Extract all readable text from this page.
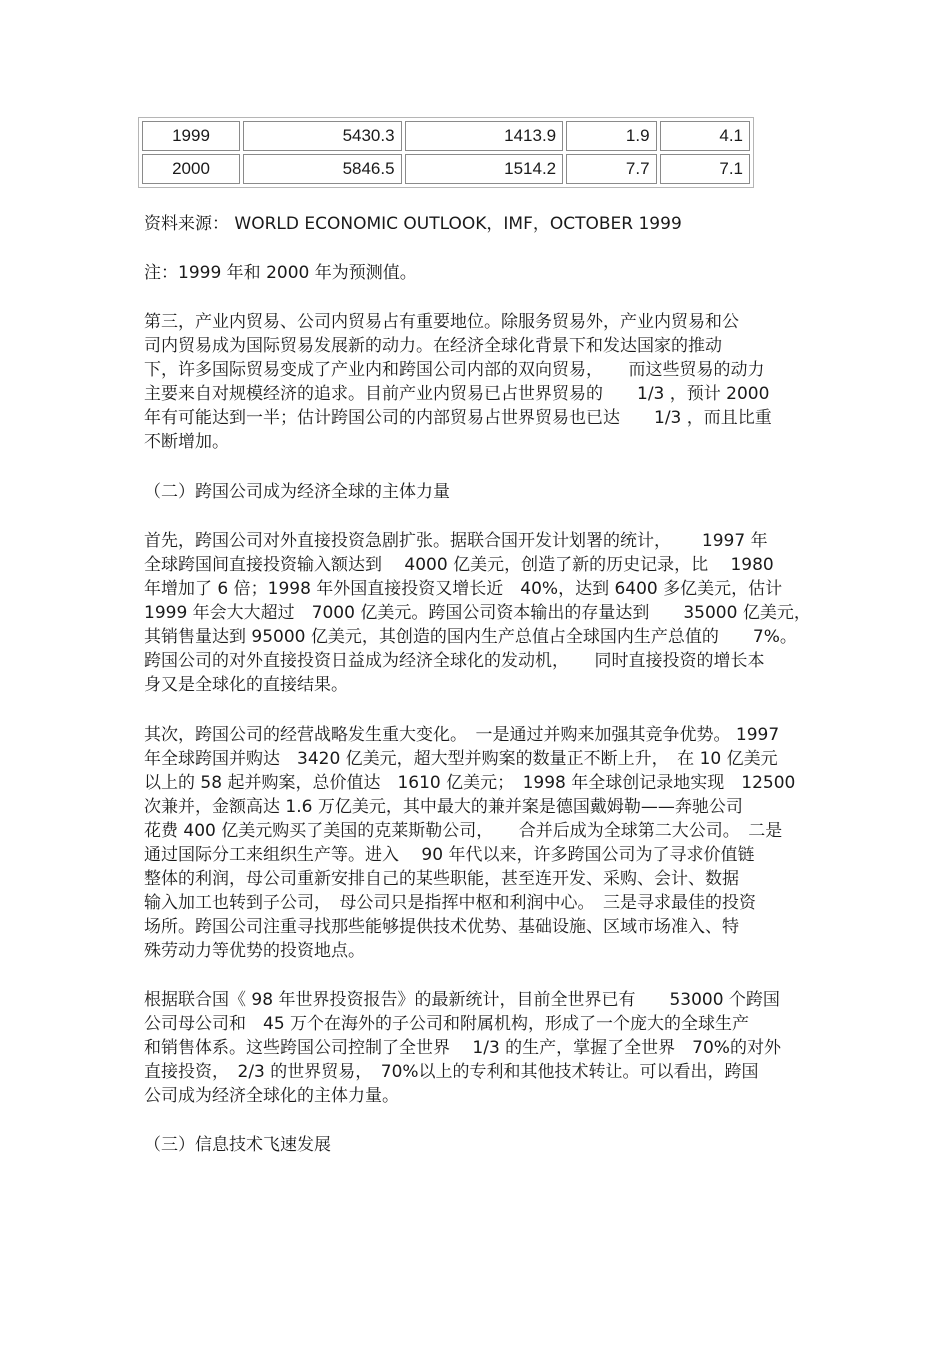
1999	5430.3	1413.9	1.9	4.1
2000	5846.5	1514.2	7.7	7.1
资料来源： WORLD ECONOMIC OUTLOOK，IMF，OCTOBER 1999
注：1999 年和 2000 年为预测值。
第三，产业内贸易、公司内贸易占有重要地位。除服务贸易外，产业内贸易和公
司内贸易成为国际贸易发展新的动力。在经济全球化背景下和发达国家的推动
下，许多国际贸易变成了产业内和跨国公司内部的双向贸易，　　而这些贸易的动力
主要来自对规模经济的追求。目前产业内贸易已占世界贸易的　　1/3 ，预计 2000
年有可能达到一半；估计跨国公司的内部贸易占世界贸易也已达　　1/3 ，而且比重
不断增加。
（二）跨国公司成为经济全球的主体力量
首先，跨国公司对外直接投资急剧扩张。据联合国开发计划署的统计，　　 1997 年
全球跨国间直接投资输入额达到　 4000 亿美元，创造了新的历史记录，比　 1980
年增加了 6 倍；1998 年外国直接投资又增长近　40%，达到 6400 多亿美元，估计
1999 年会大大超过　7000 亿美元。跨国公司资本输出的存量达到　　35000 亿美元，
其销售量达到 95000 亿美元，其创造的国内生产总值占全球国内生产总值的　　7%。
跨国公司的对外直接投资日益成为经济全球化的发动机，　　同时直接投资的增长本
身又是全球化的直接结果。
其次，跨国公司的经营战略发生重大变化。　一是通过并购来加强其竞争优势。 1997
年全球跨国并购达　3420 亿美元，超大型并购案的数量正不断上升，　在 10 亿美元
以上的 58 起并购案，总价值达　1610 亿美元；　1998 年全球创记录地实现　12500
次兼并，金额高达 1.6 万亿美元，其中最大的兼并案是德国戴姆勒——奔驰公司
花费 400 亿美元购买了美国的克莱斯勒公司，　　合并后成为全球第二大公司。　二是
通过国际分工来组织生产等。进入　 90 年代以来，许多跨国公司为了寻求价值链
整体的利润，母公司重新安排自己的某些职能，甚至连开发、采购、会计、数据
输入加工也转到子公司，　母公司只是指挥中枢和利润中心。　三是寻求最佳的投资
场所。跨国公司注重寻找那些能够提供技术优势、基础设施、区域市场准入、特
殊劳动力等优势的投资地点。
根据联合国《 98 年世界投资报告》的最新统计，目前全世界已有　　53000 个跨国
公司母公司和　45 万个在海外的子公司和附属机构，形成了一个庞大的全球生产
和销售体系。这些跨国公司控制了全世界　 1/3 的生产，掌握了全世界　70%的对外
直接投资，　2/3 的世界贸易，　70%以上的专利和其他技术转让。可以看出，跨国
公司成为经济全球化的主体力量。
（三）信息技术飞速发展
